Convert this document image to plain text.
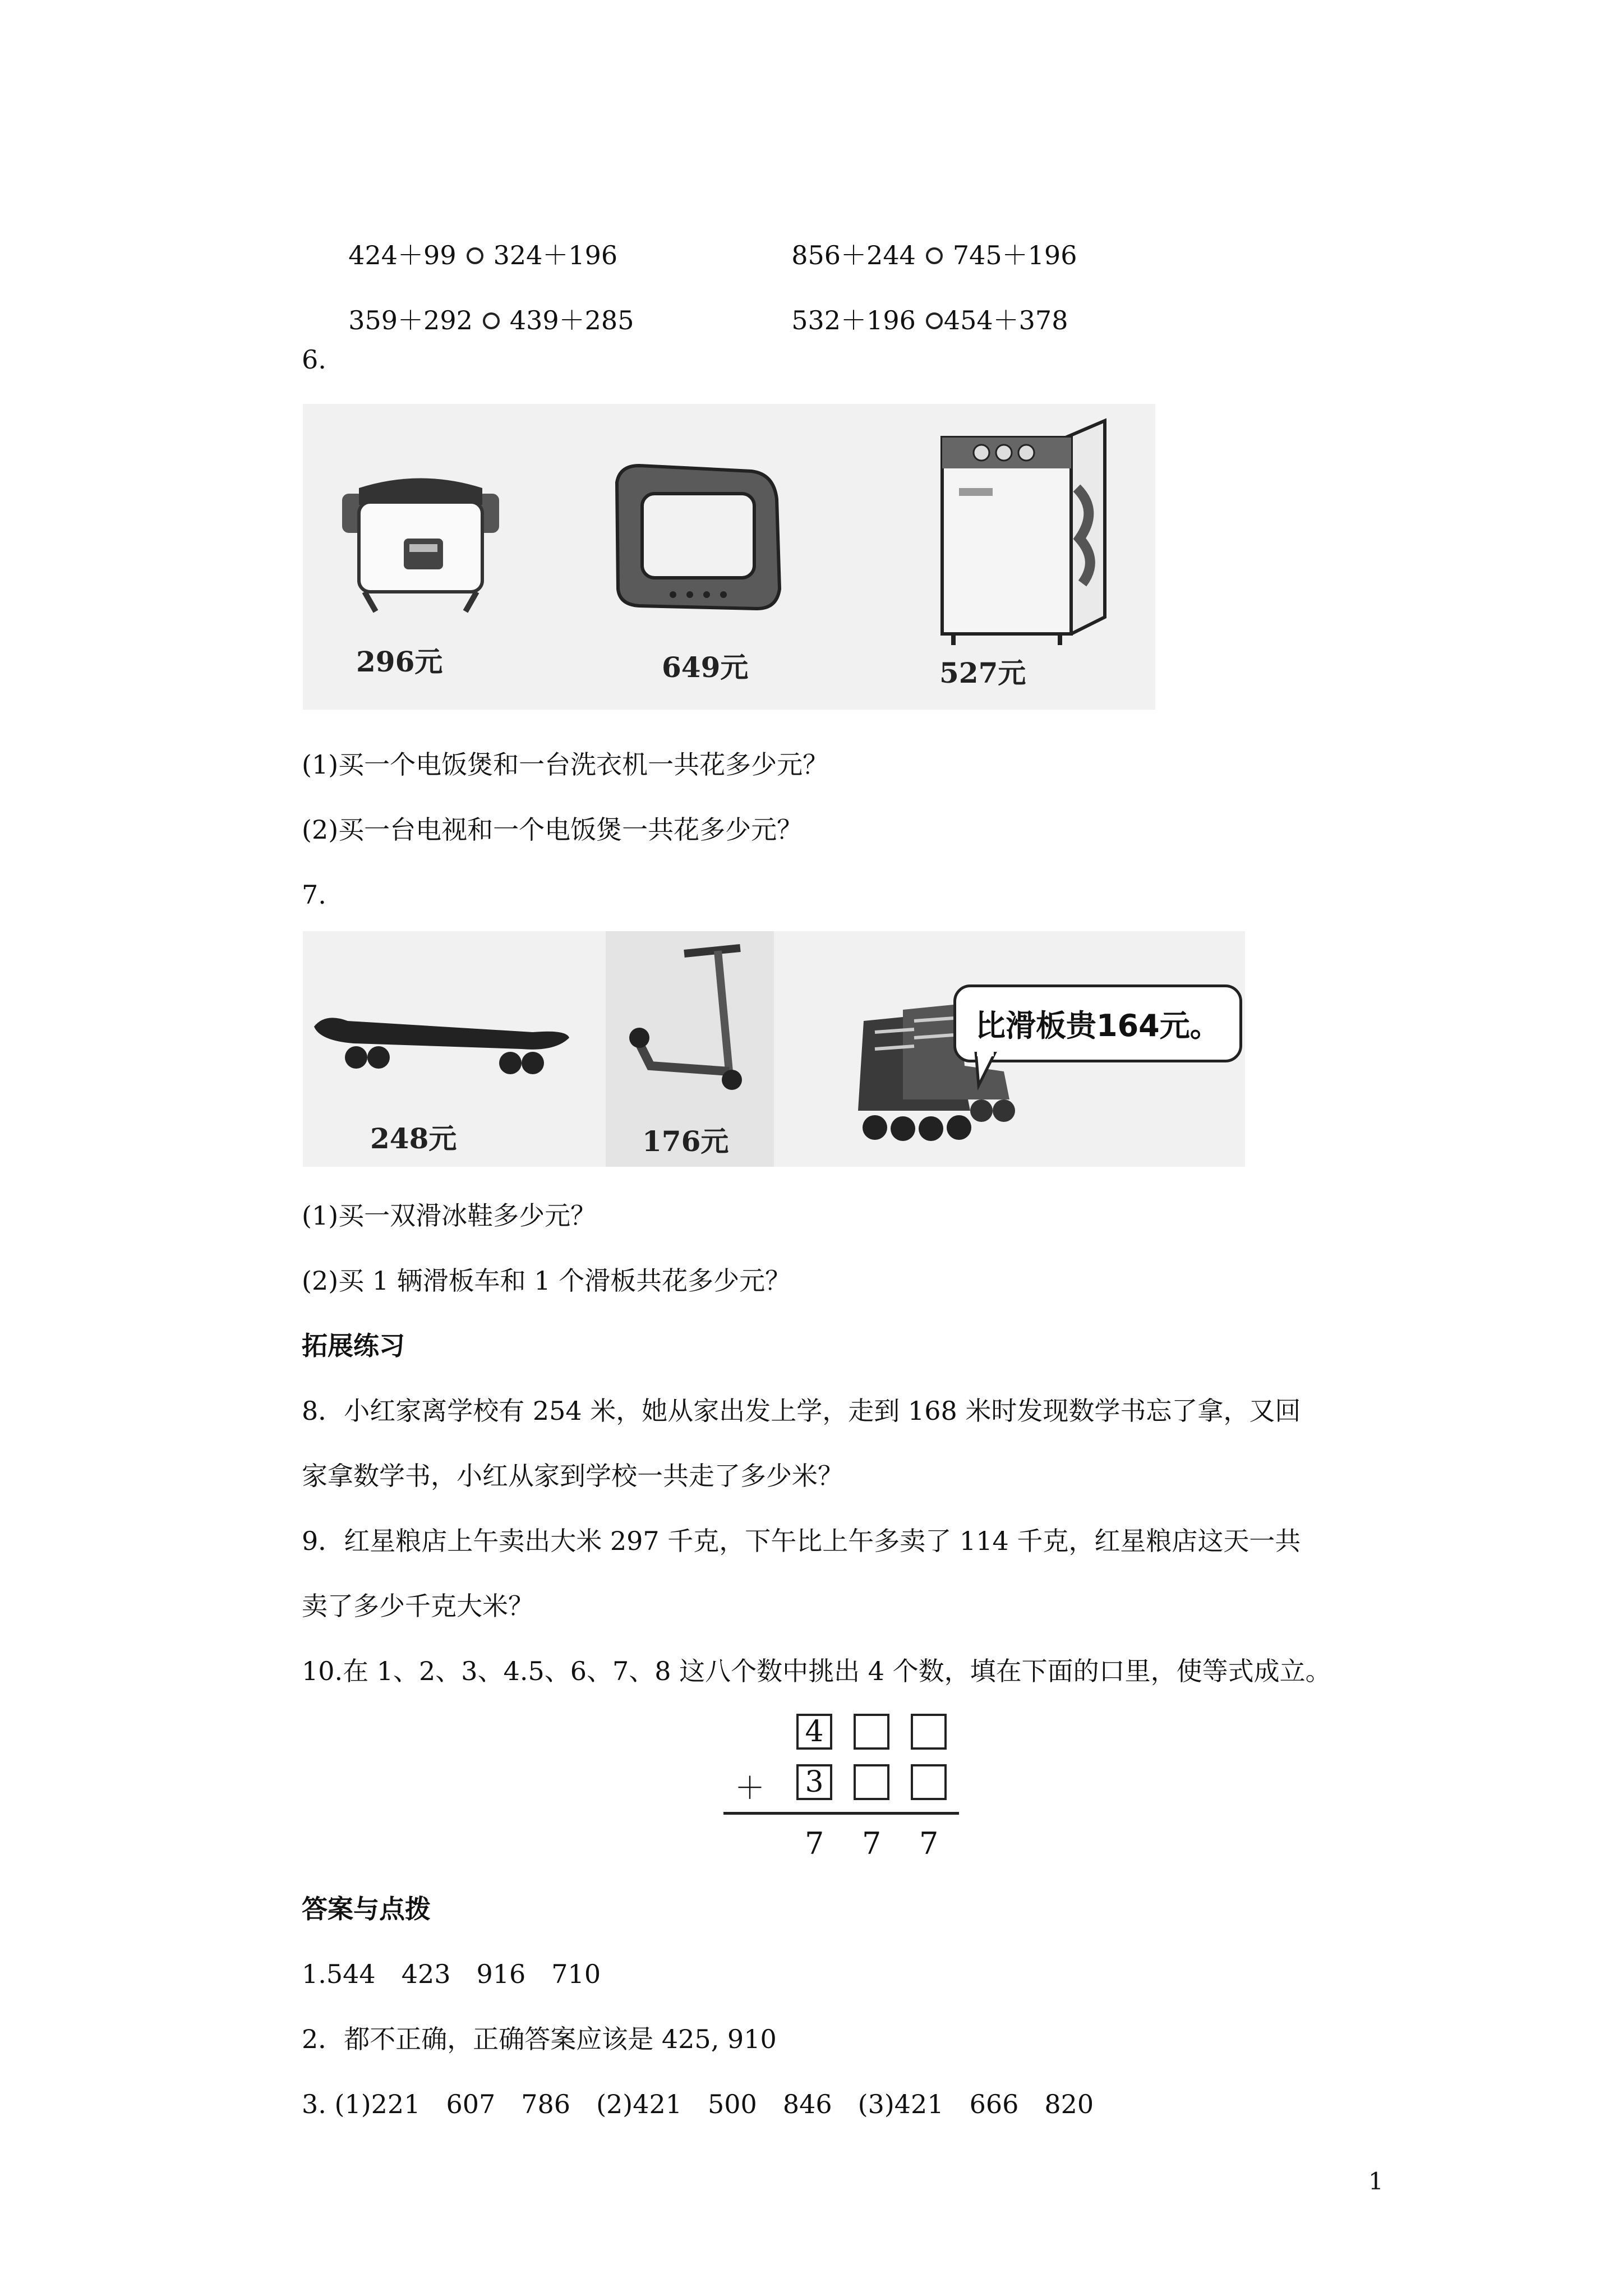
424＋99 324＋196	856＋244 745＋196

359＋292 439＋285	532＋196 454＋378

6.
296元	649元	527元
(1)买一个电饭煲和一台洗衣机一共花多少元？
(2)买一台电视和一个电饭煲一共花多少元？
7.
248元	176元
比滑板贵164元。
(1)买一双滑冰鞋多少元？
(2)买 1 辆滑板车和 1 个滑板共花多少元？
拓展练习
8．小红家离学校有 254 米，她从家出发上学，走到 168 米时发现数学书忘了拿，又回
家拿数学书，小红从家到学校一共走了多少米？
9．红星粮店上午卖出大米 297 千克，下午比上午多卖了 114 千克，红星粮店这天一共
卖了多少千克大米？
10.在 1、2、3、4.5、6、7、8 这八个数中挑出 4 个数，填在下面的口里，使等式成立。
4
＋ 3
7 7 7
答案与点拨
1.544　423　916　710
2．都不正确，正确答案应该是 425, 910
3. (1)221　607　786　(2)421　500　846　(3)421　666　820
1
